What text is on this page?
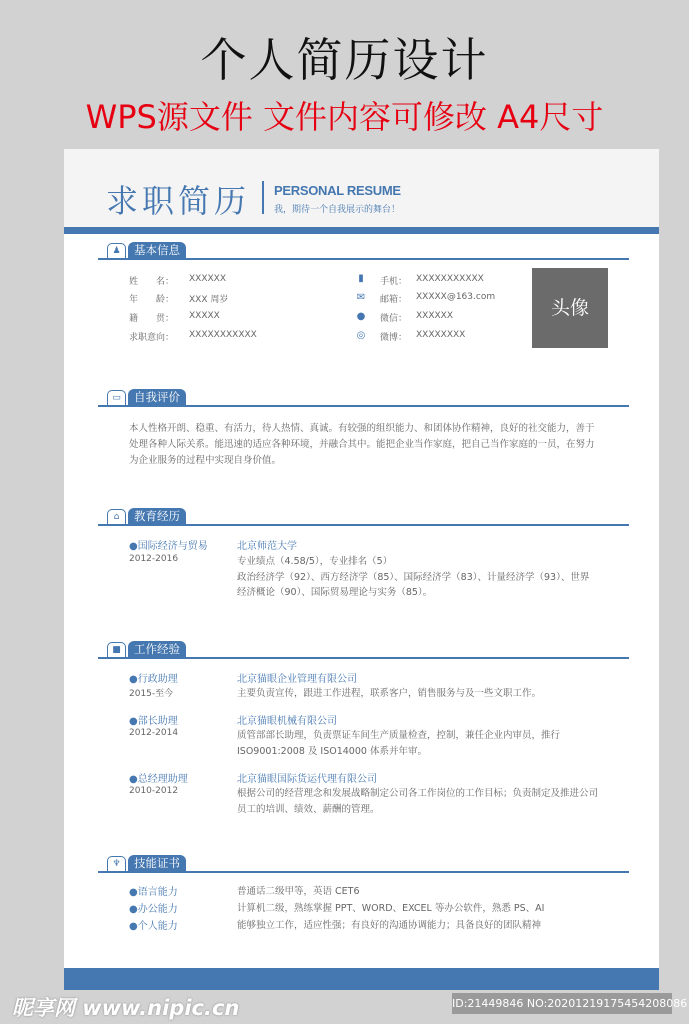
个人简历设计
WPS源文件 文件内容可修改 A4尺寸
求职简历 PERSONAL RESUME
我，期待一个自我展示的舞台！
♟	基本信息
▮
✉
●
◎
头像
▭	自我评价
⌂	教育经历
■	工作经验
♆	技能证书
昵享网 www.nipic.cn	ID:21449846 NO:20201219175454208086
姓　　名： XXXXXX	手机： XXXXXXXXXXX
年　　龄： XXX 周岁	邮箱： XXXXX@163.com
籍　　贯： XXXXX	微信： XXXXXX
求职意向： XXXXXXXXXXX	微博： XXXXXXXX
本人性格开朗、稳重、有活力，待人热情、真诚。有较强的组织能力、和团体协作精神，良好的社交能力，善于
处理各种人际关系。能迅速的适应各种环境，并融合其中。能把企业当作家庭，把自己当作家庭的一员，在努力
为企业服务的过程中实现自身价值。
●国际经济与贸易
2012-2016
北京师范大学
专业绩点（4.58/5），专业排名（5）
政治经济学（92）、西方经济学（85）、国际经济学（83）、计量经济学（93）、世界
经济概论（90）、国际贸易理论与实务（85）。
●行政助理
2015-至今
北京猫眼企业管理有限公司
主要负责宣传，跟进工作进程，联系客户，销售服务与及一些文职工作。
●部长助理
2012-2014
北京猫眼机械有限公司
质管部部长助理，负责票证车间生产质量检查，控制，兼任企业内审员，推行
ISO9001:2008 及 ISO14000 体系并年审。
●总经理助理
2010-2012
北京猫眼国际货运代理有限公司
根据公司的经营理念和发展战略制定公司各工作岗位的工作目标；负责制定及推进公司
员工的培训、绩效、薪酬的管理。
●语言能力	普通话二级甲等，英语 CET6
●办公能力	计算机二级，熟练掌握 PPT、WORD、EXCEL 等办公软件，熟悉 PS、AI
●个人能力	能够独立工作，适应性强；有良好的沟通协调能力；具备良好的团队精神
